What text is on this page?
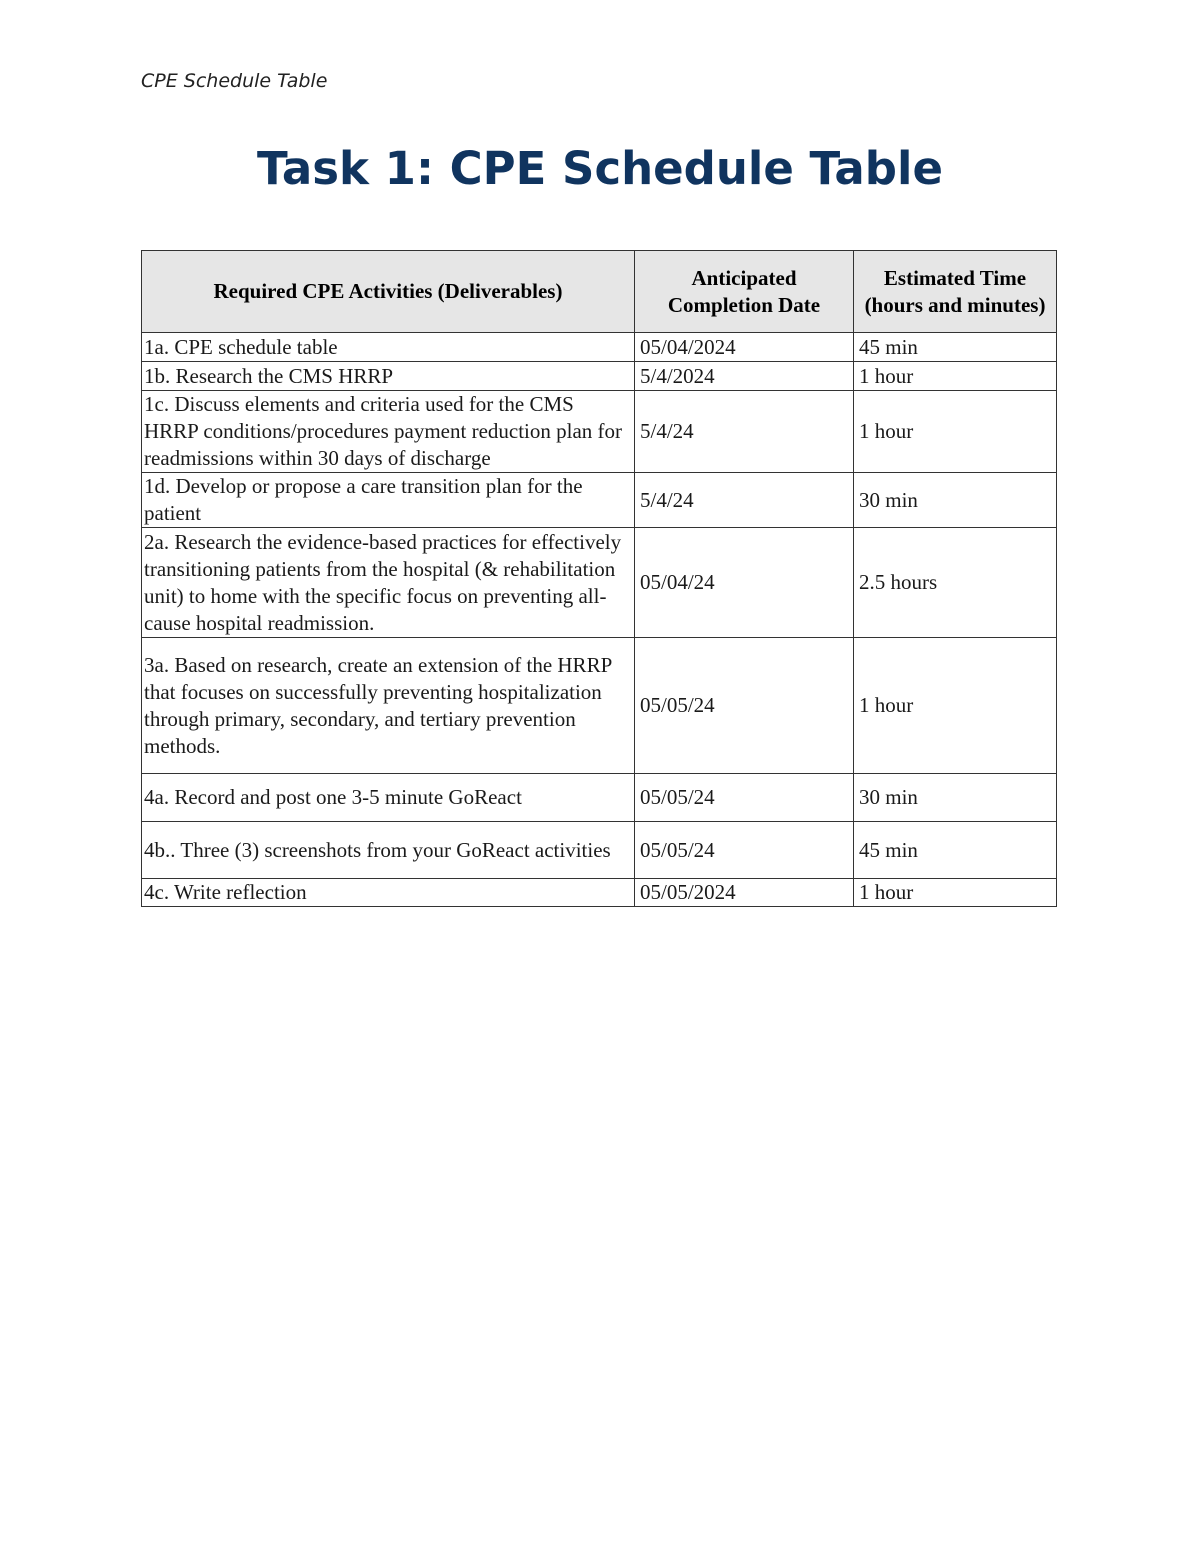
CPE Schedule Table
Task 1: CPE Schedule Table
Required CPE Activities (Deliverables)	Anticipated Completion Date	Estimated Time (hours and minutes)
1a. CPE schedule table	05/04/2024	45 min
1b. Research the CMS HRRP	5/4/2024	1 hour
1c. Discuss elements and criteria used for the CMS HRRP conditions/procedures payment reduction plan for readmissions within 30 days of discharge	5/4/24	1 hour
1d. Develop or propose a care transition plan for the patient	5/4/24	30 min
2a. Research the evidence-based practices for effectively transitioning patients from the hospital (& rehabilitation unit) to home with the specific focus on preventing all-cause hospital readmission.	05/04/24	2.5 hours
3a. Based on research, create an extension of the HRRP that focuses on successfully preventing hospitalization through primary, secondary, and tertiary prevention methods.	05/05/24	1 hour
4a. Record and post one 3-5 minute GoReact	05/05/24	30 min
4b.. Three (3) screenshots from your GoReact activities	05/05/24	45 min
4c. Write reflection	05/05/2024	1 hour
